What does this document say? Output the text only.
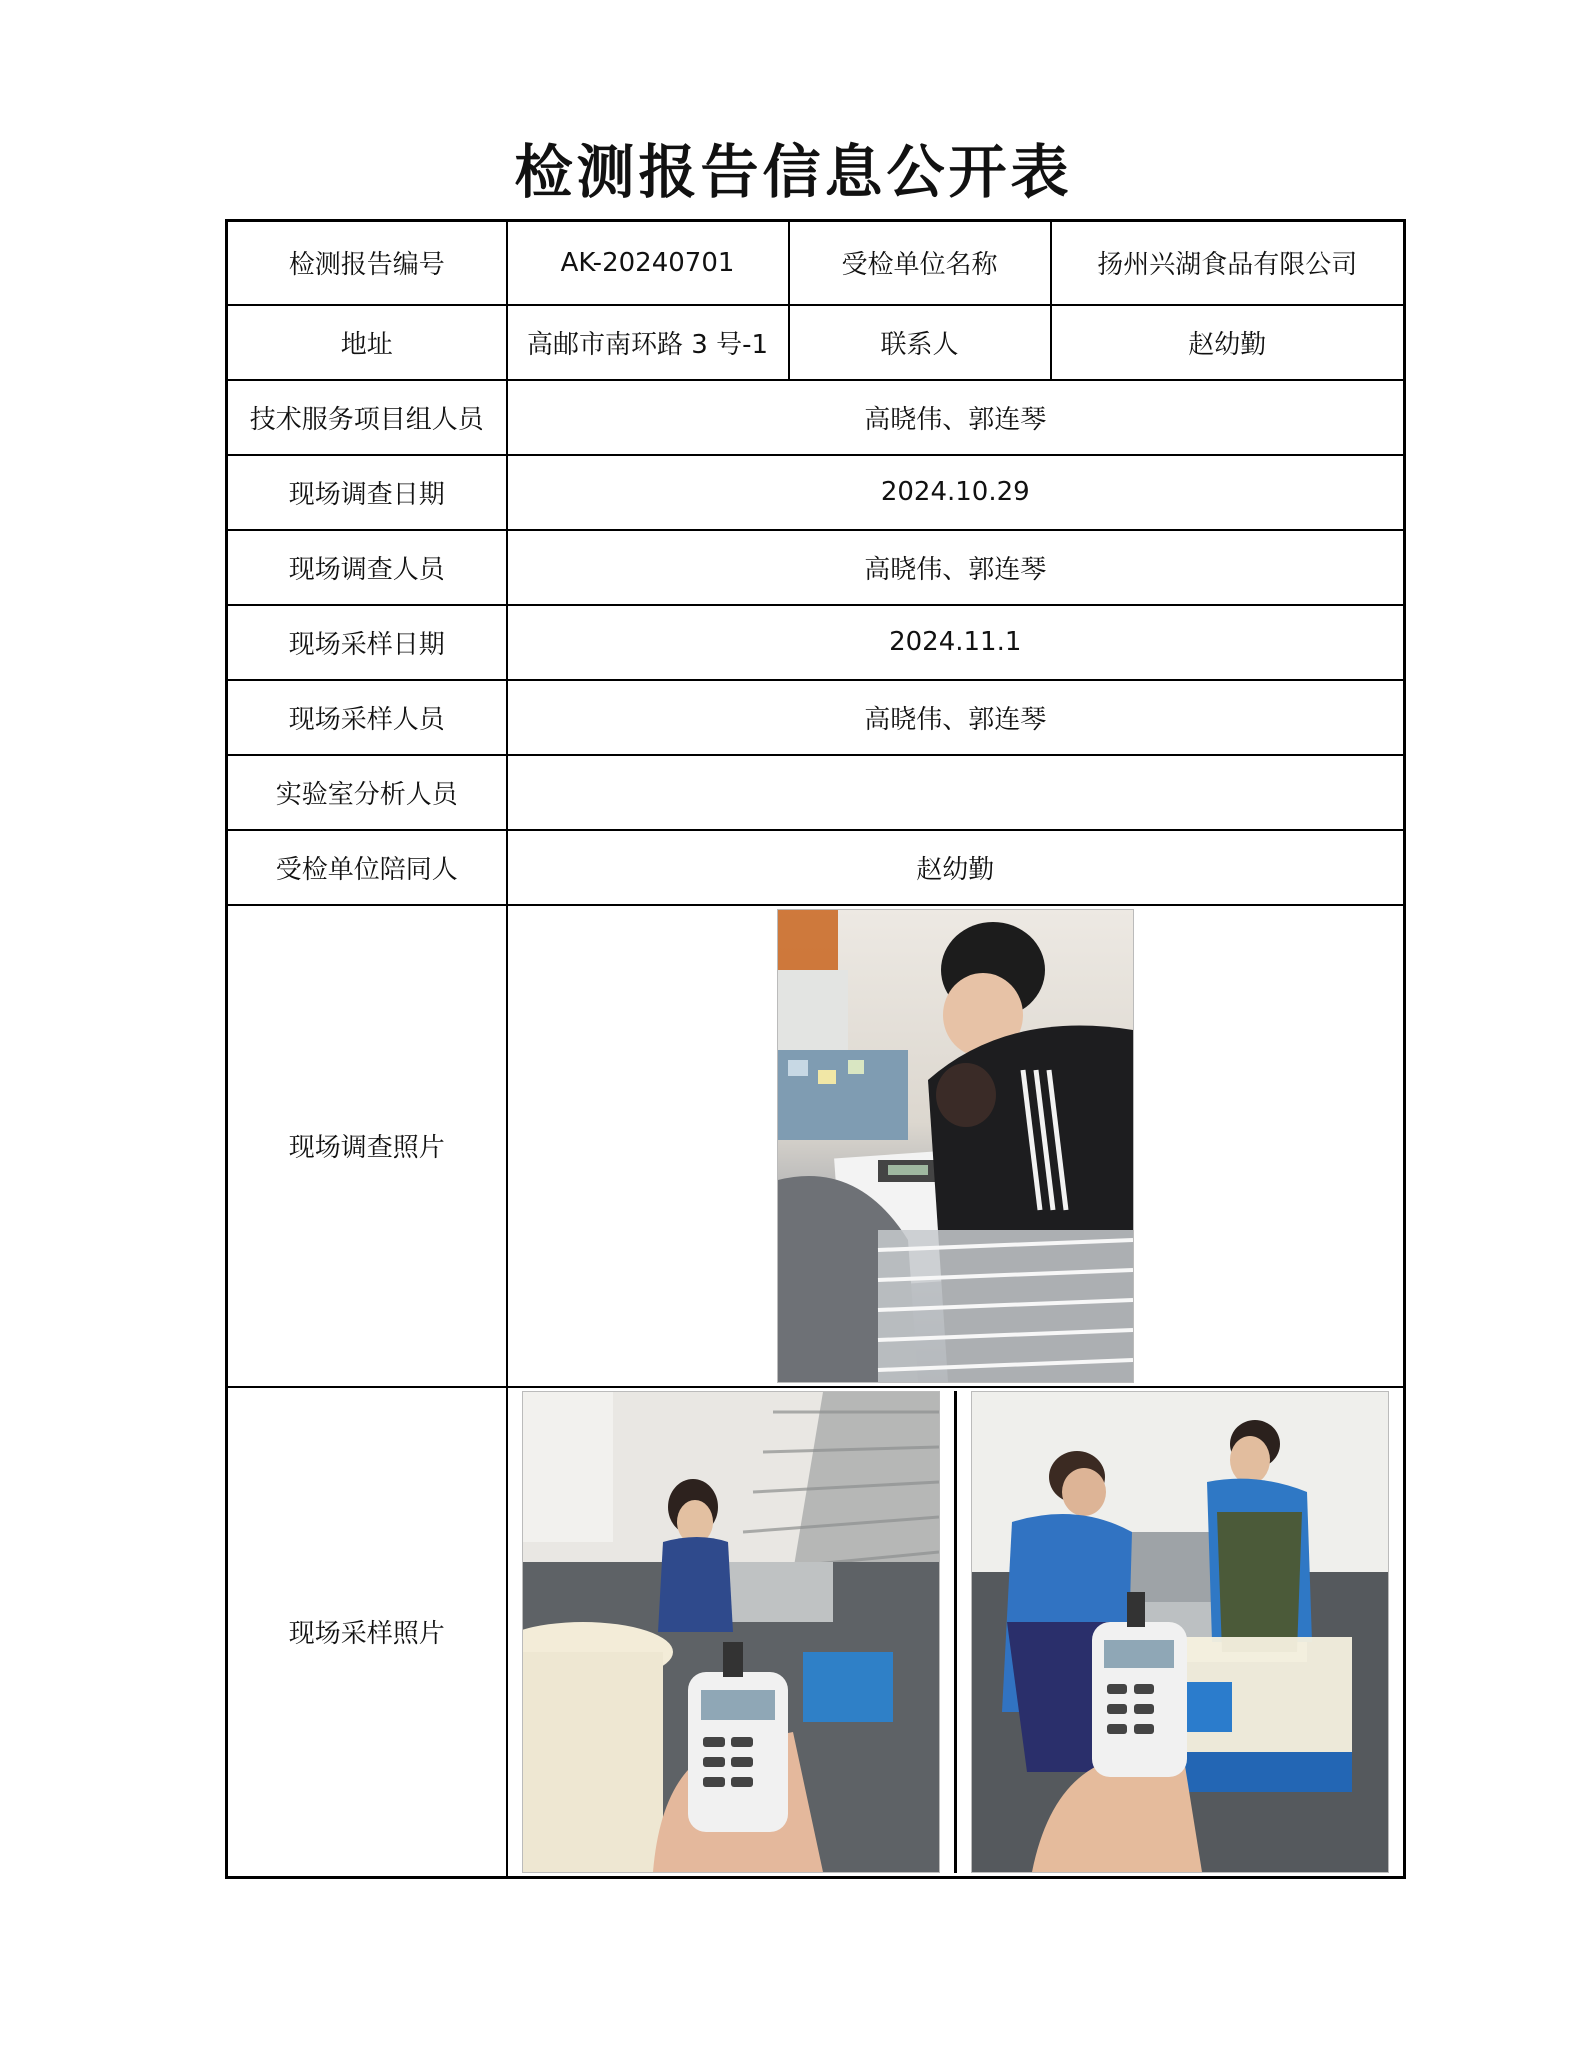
检测报告信息公开表
检测报告编号	AK-20240701	受检单位名称	扬州兴湖食品有限公司
地址	高邮市南环路 3 号-1	联系人	赵幼勤
技术服务项目组人员	高晓伟、郭连琴		
现场调查日期	2024.10.29		
现场调查人员	高晓伟、郭连琴		
现场采样日期	2024.11.1		
现场采样人员	高晓伟、郭连琴		
实验室分析人员			
受检单位陪同人	赵幼勤		
现场调查照片	

现场采样照片	
